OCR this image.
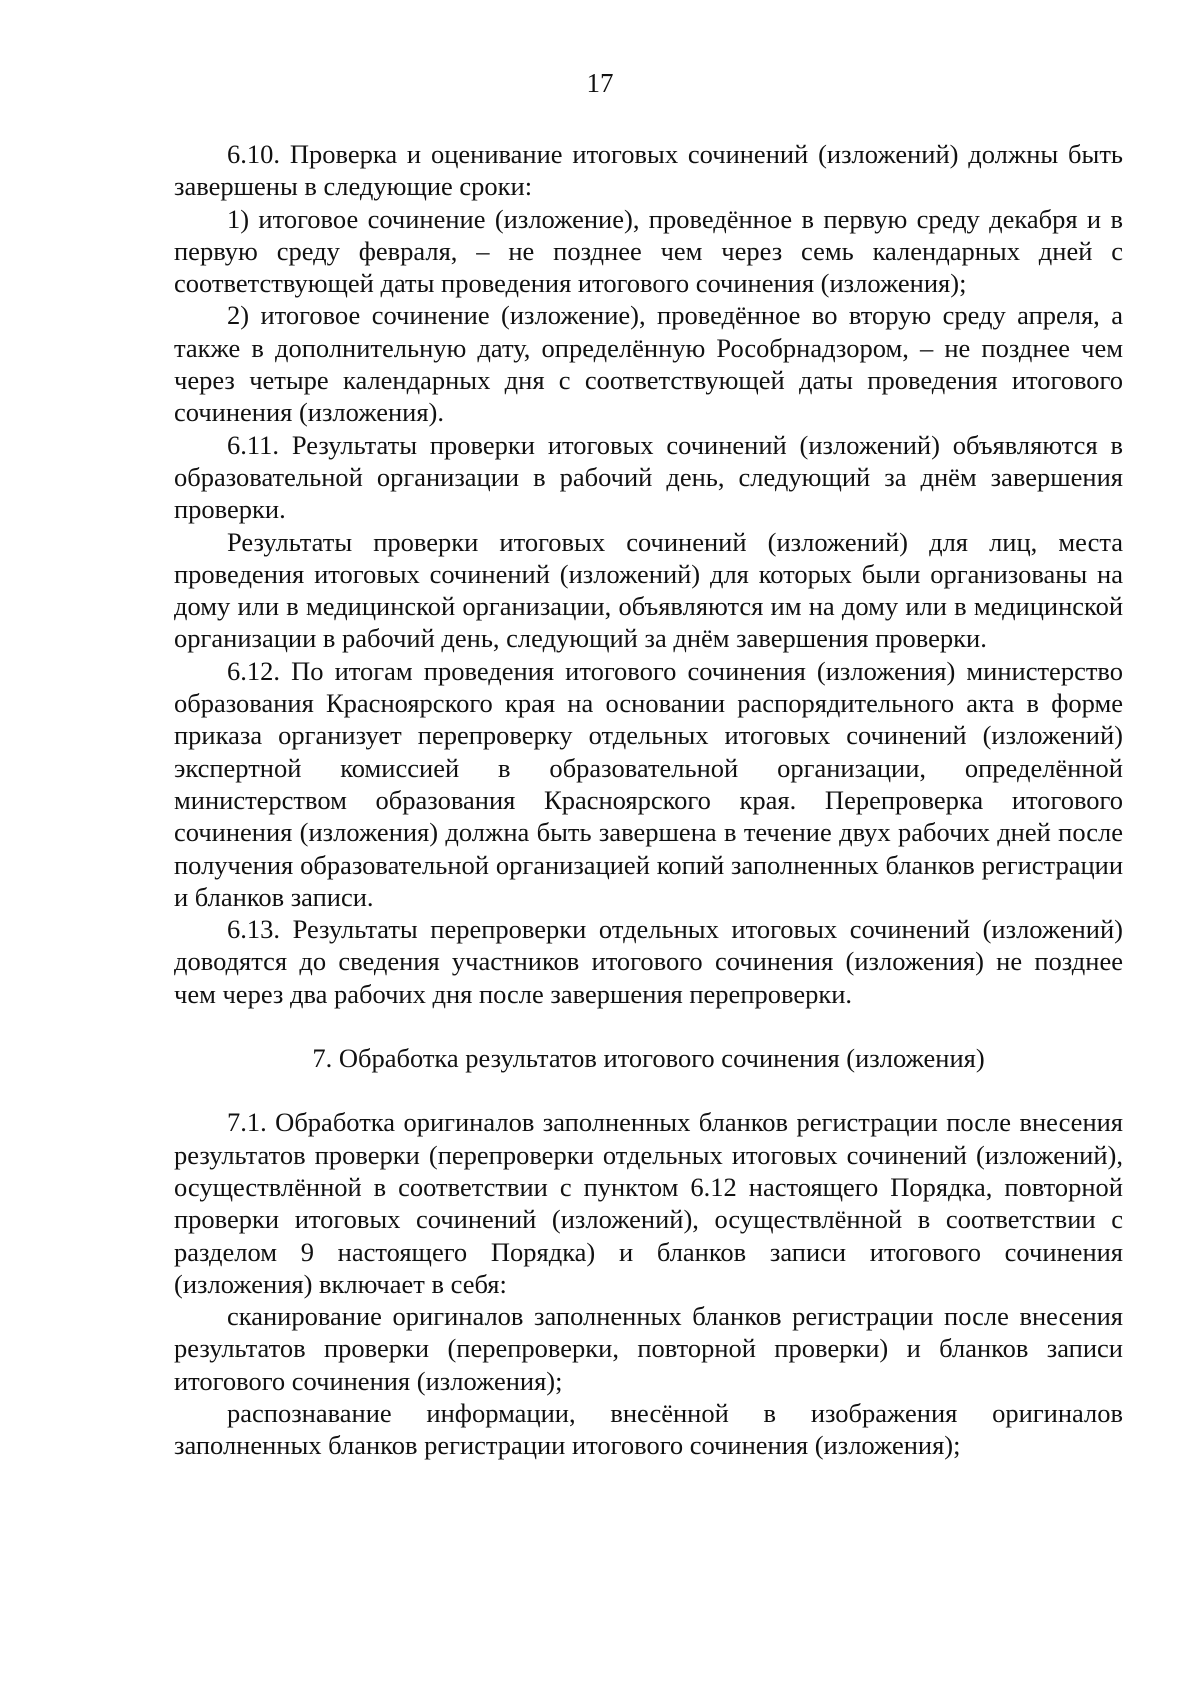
17

6.10. Проверка и оценивание итоговых сочинений (изложений) должны быть завершены в следующие сроки:

1) итоговое сочинение (изложение), проведённое в первую среду декабря и в первую среду февраля, – не позднее чем через семь календарных дней с соответствующей даты проведения итогового сочинения (изложения);

2) итоговое сочинение (изложение), проведённое во вторую среду апреля, а также в дополнительную дату, определённую Рособрнадзором, – не позднее чем через четыре календарных дня с соответствующей даты проведения итогового сочинения (изложения).

6.11. Результаты проверки итоговых сочинений (изложений) объявляются в образовательной организации в рабочий день, следующий за днём завершения проверки.

Результаты проверки итоговых сочинений (изложений) для лиц, места проведения итоговых сочинений (изложений) для которых были организованы на дому или в медицинской организации, объявляются им на дому или в медицинской организации в рабочий день, следующий за днём завершения проверки.

6.12. По итогам проведения итогового сочинения (изложения) министерство образования Красноярского края на основании распорядительного акта в форме приказа организует перепроверку отдельных итоговых сочинений (изложений) экспертной комиссией в образовательной организации, определённой министерством образования Красноярского края. Перепроверка итогового сочинения (изложения) должна быть завершена в течение двух рабочих дней после получения образовательной организацией копий заполненных бланков регистрации и бланков записи.

6.13. Результаты перепроверки отдельных итоговых сочинений (изложений) доводятся до сведения участников итогового сочинения (изложения) не позднее чем через два рабочих дня после завершения перепроверки.

7. Обработка результатов итогового сочинения (изложения)

7.1. Обработка оригиналов заполненных бланков регистрации после внесения результатов проверки (перепроверки отдельных итоговых сочинений (изложений), осуществлённой в соответствии с пунктом 6.12 настоящего Порядка, повторной проверки итоговых сочинений (изложений), осуществлённой в соответствии с разделом 9 настоящего Порядка) и бланков записи итогового сочинения (изложения) включает в себя:

сканирование оригиналов заполненных бланков регистрации после внесения результатов проверки (перепроверки, повторной проверки) и бланков записи итогового сочинения (изложения);

распознавание информации, внесённой в изображения оригиналов заполненных бланков регистрации итогового сочинения (изложения);
